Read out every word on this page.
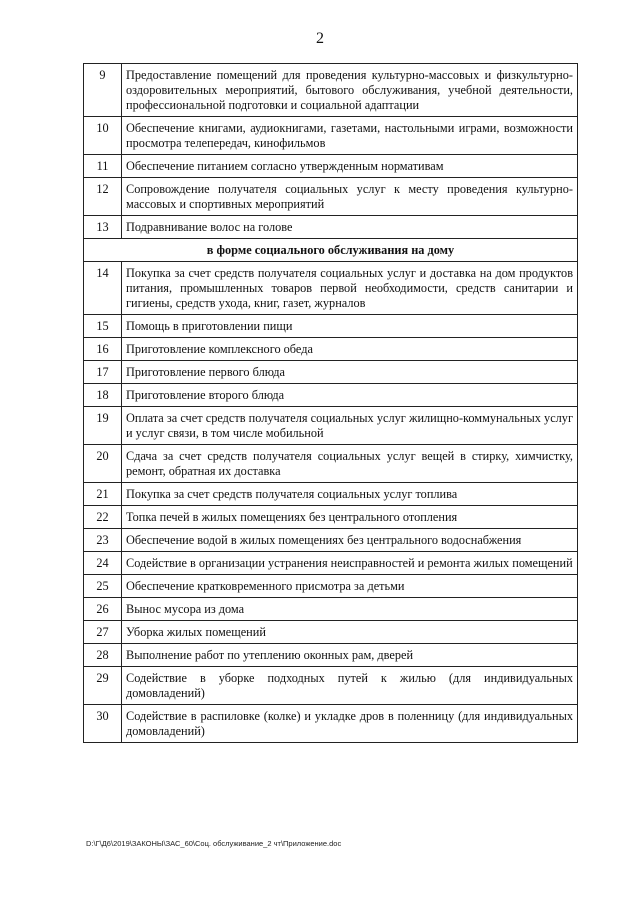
2
9	Предоставление помещений для проведения культурно-массовых и физкультурно-оздоровительных мероприятий, бытового обслуживания, учебной деятельности, профессиональной подготовки и социальной адаптации
10	Обеспечение книгами, аудиокнигами, газетами, настольными играми, возможности просмотра телепередач, кинофильмов
11	Обеспечение питанием согласно утвержденным нормативам
12	Сопровождение получателя социальных услуг к месту проведения культурно-массовых и спортивных мероприятий
13	Подравнивание волос на голове
в форме социального обслуживания на дому	
14	Покупка за счет средств получателя социальных услуг и доставка на дом продуктов питания, промышленных товаров первой необходимости, средств санитарии и гигиены, средств ухода, книг, газет, журналов
15	Помощь в приготовлении пищи
16	Приготовление комплексного обеда
17	Приготовление первого блюда
18	Приготовление второго блюда
19	Оплата за счет средств получателя социальных услуг жилищно-коммунальных услуг и услуг связи, в том числе мобильной
20	Сдача за счет средств получателя социальных услуг вещей в стирку, химчистку, ремонт, обратная их доставка
21	Покупка за счет средств получателя социальных услуг топлива
22	Топка печей в жилых помещениях без центрального отопления
23	Обеспечение водой в жилых помещениях без центрального водоснабжения
24	Содействие в организации устранения неисправностей и ремонта жилых помещений
25	Обеспечение кратковременного присмотра за детьми
26	Вынос мусора из дома
27	Уборка жилых помещений
28	Выполнение работ по утеплению оконных рам, дверей
29	Содействие в уборке подходных путей к жилью (для индивидуальных домовладений)
30	Содействие в распиловке (колке) и укладке дров в поленницу (для индивидуальных домовладений)
D:\Г\Д6\2019\ЗАКОНЫ\ЗАС_60\Соц. обслуживание_2 чт\Приложение.doc
